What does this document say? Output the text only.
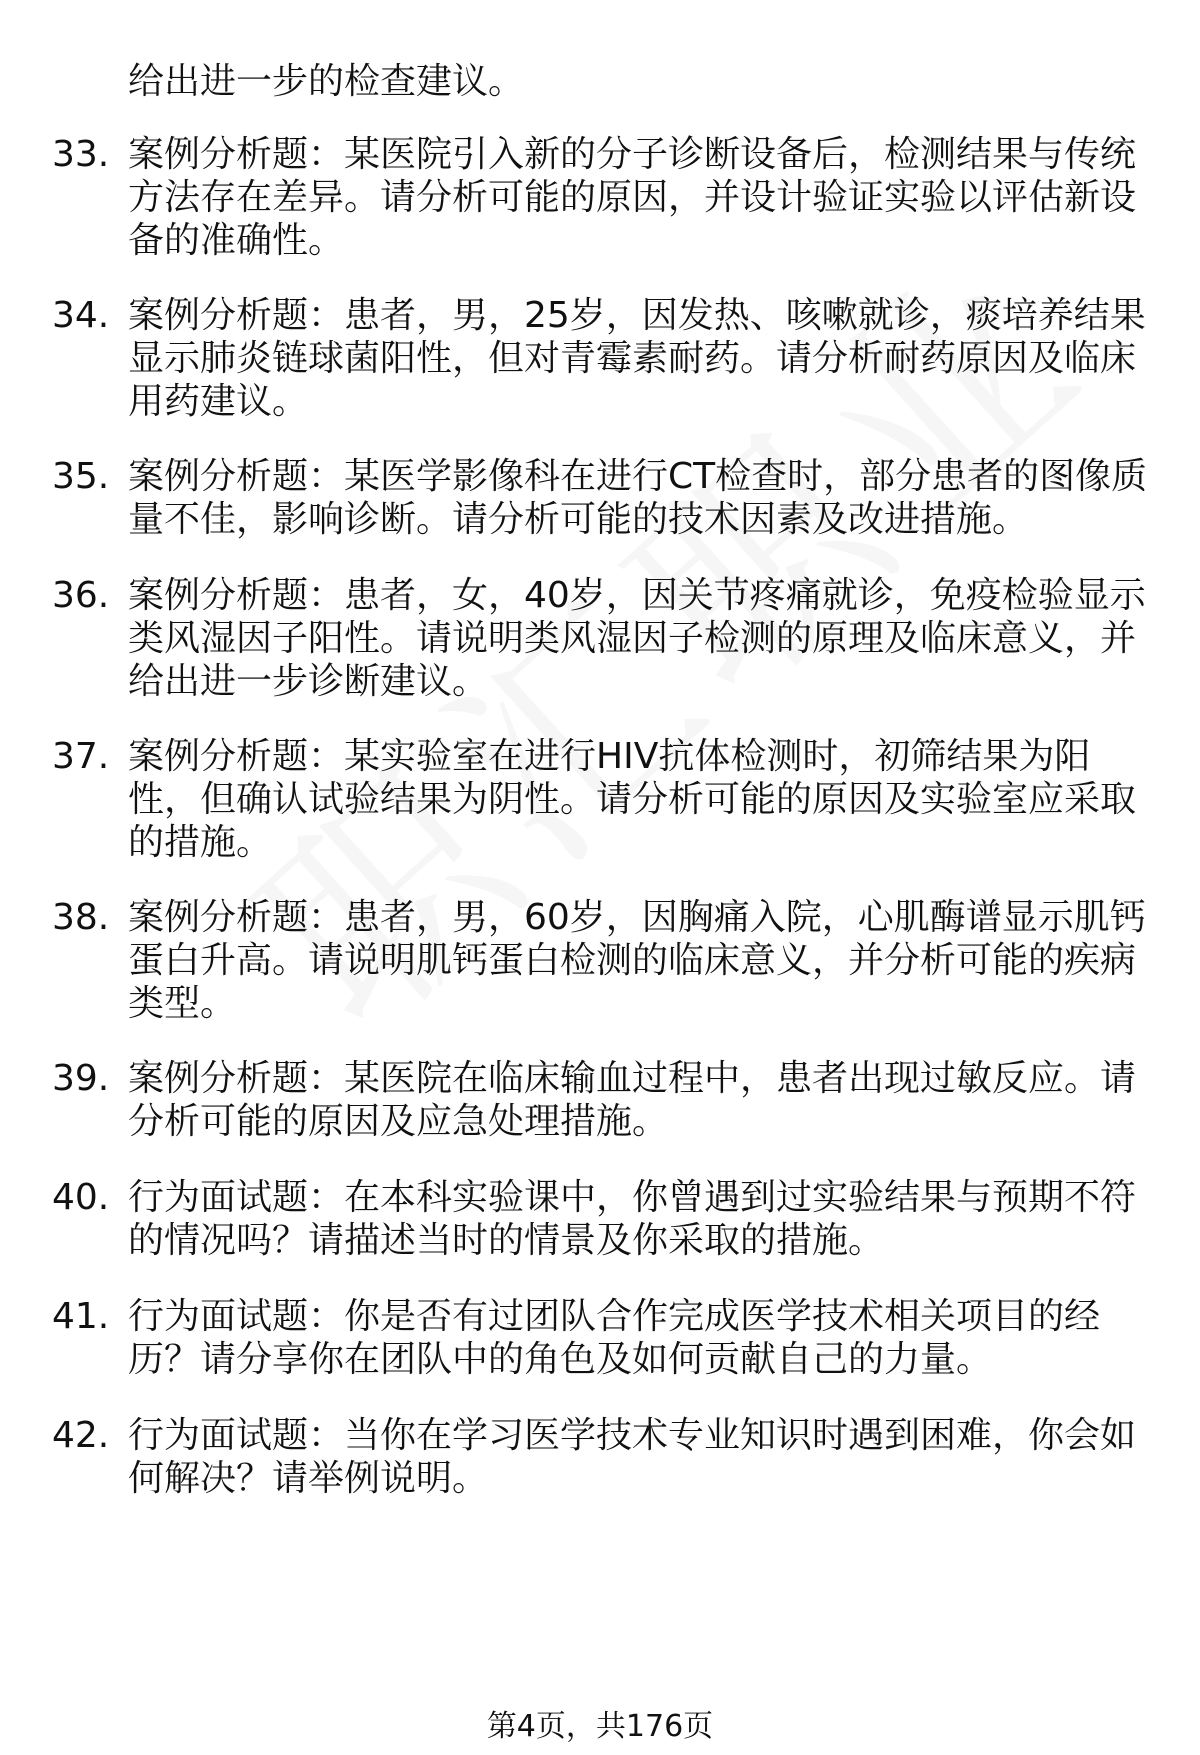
给出进一步的检查建议。
33. 案例分析题：某医院引入新的分子诊断设备后，检测结果与传统
方法存在差异。请分析可能的原因，并设计验证实验以评估新设
备的准确性。
34. 案例分析题：患者，男，25岁，因发热、咳嗽就诊，痰培养结果
显示肺炎链球菌阳性，但对青霉素耐药。请分析耐药原因及临床
用药建议。
35. 案例分析题：某医学影像科在进行CT检查时，部分患者的图像质
量不佳，影响诊断。请分析可能的技术因素及改进措施。
36. 案例分析题：患者，女，40岁，因关节疼痛就诊，免疫检验显示
类风湿因子阳性。请说明类风湿因子检测的原理及临床意义，并
给出进一步诊断建议。
37. 案例分析题：某实验室在进行HIV抗体检测时，初筛结果为阳
性，但确认试验结果为阴性。请分析可能的原因及实验室应采取
的措施。
38. 案例分析题：患者，男，60岁，因胸痛入院，心肌酶谱显示肌钙
蛋白升高。请说明肌钙蛋白检测的临床意义，并分析可能的疾病
类型。
39. 案例分析题：某医院在临床输血过程中，患者出现过敏反应。请
分析可能的原因及应急处理措施。
40. 行为面试题：在本科实验课中，你曾遇到过实验结果与预期不符
的情况吗？请描述当时的情景及你采取的措施。
41. 行为面试题：你是否有过团队合作完成医学技术相关项目的经
历？请分享你在团队中的角色及如何贡献自己的力量。
42. 行为面试题：当你在学习医学技术专业知识时遇到困难，你会如
何解决？请举例说明。
第4页，共176页
